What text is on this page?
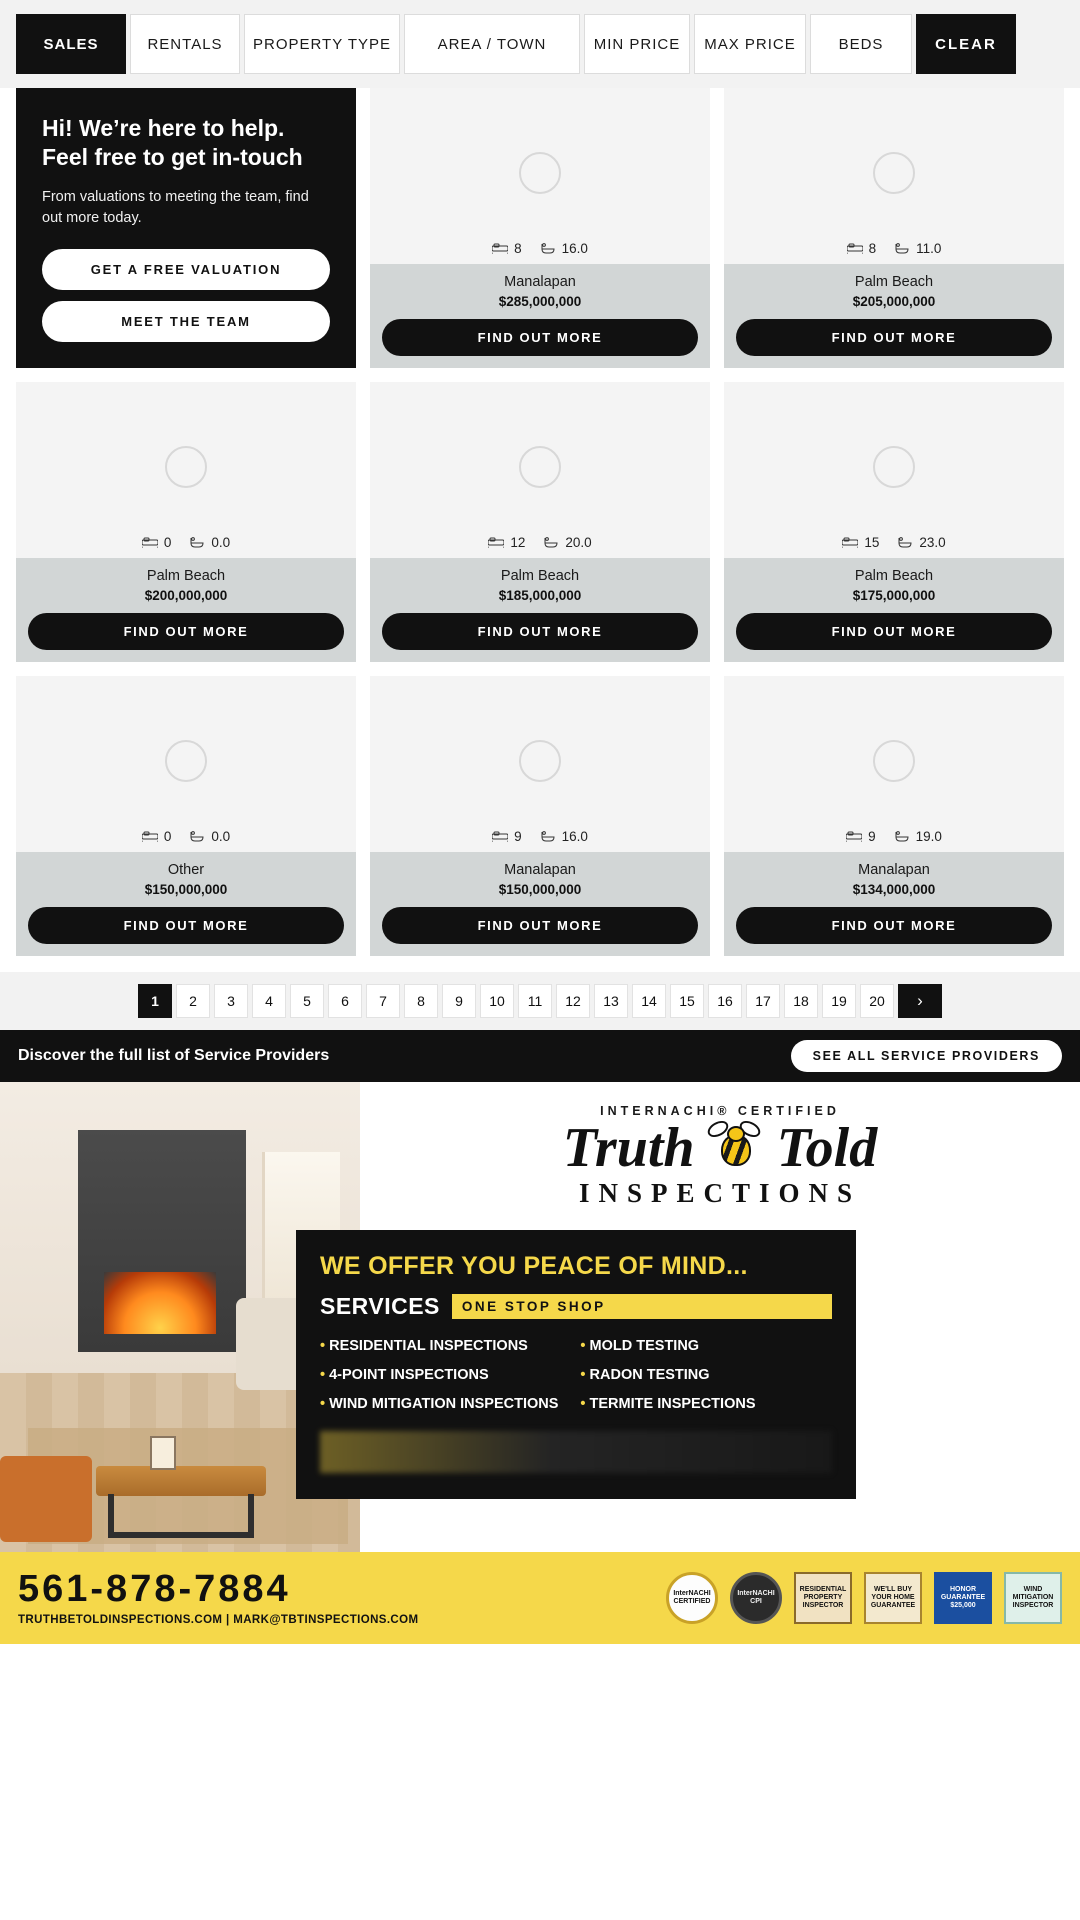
SALES	RENTALS	PROPERTY TYPE	AREA / TOWN	MIN PRICE	MAX PRICE	BEDS	CLEAR
Hi! We’re here to help. Feel free to get in-touch

From valuations to meeting the team, find out more today.

GET A FREE VALUATION
MEET THE TEAM
8	16.0
Manalapan
$285,000,000
FIND OUT MORE
8	11.0
Palm Beach
$205,000,000
FIND OUT MORE
0	0.0
Palm Beach
$200,000,000
FIND OUT MORE
12	20.0
Palm Beach
$185,000,000
FIND OUT MORE
15	23.0
Palm Beach
$175,000,000
FIND OUT MORE
0	0.0
Other
$150,000,000
FIND OUT MORE
9	16.0
Manalapan
$150,000,000
FIND OUT MORE
9	19.0
Manalapan
$134,000,000
FIND OUT MORE
1	2	3	4	5	6	7	8	9	10	11	12	13	14	15	16	17	18	19	20	›
Discover the full list of Service Providers	SEE ALL SERVICE PROVIDERS
INTERNACHI® CERTIFIED
Truth Told
INSPECTIONS
WE OFFER YOU PEACE OF MIND...
SERVICES	ONE STOP SHOP
• RESIDENTIAL INSPECTIONS
• 4-POINT INSPECTIONS
• WIND MITIGATION INSPECTIONS
• MOLD TESTING
• RADON TESTING
• TERMITE INSPECTIONS
561-878-7884
TRUTHBETOLDINSPECTIONS.COM | MARK@TBTINSPECTIONS.COM
InterNACHI CERTIFIED
InterNACHI CPI
RESIDENTIAL PROPERTY INSPECTOR
WE'LL BUY YOUR HOME GUARANTEE
HONOR GUARANTEE $25,000
WIND MITIGATION INSPECTOR
